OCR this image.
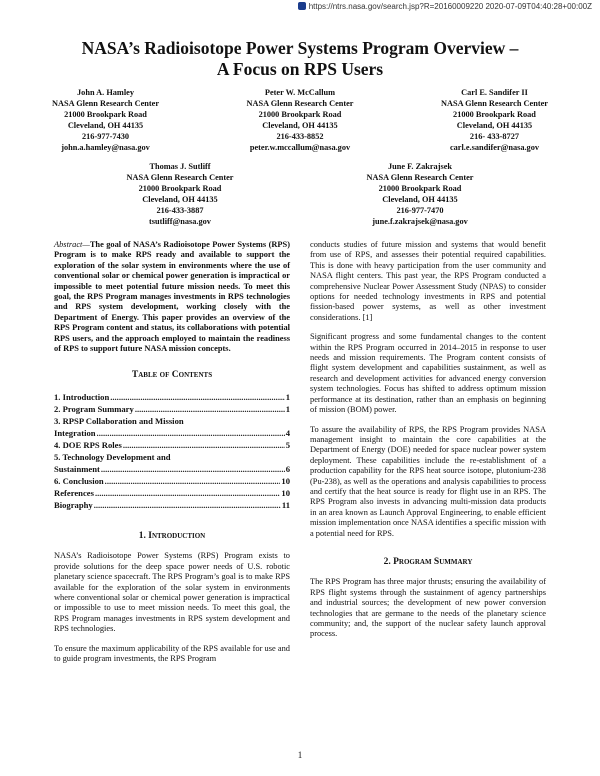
https://ntrs.nasa.gov/search.jsp?R=20160009220 2020-07-09T04:40:28+00:00Z
NASA’s Radioisotope Power Systems Program Overview –
A Focus on RPS Users
John A. Hamley
NASA Glenn Research Center
21000 Brookpark Road
Cleveland, OH 44135
216-977-7430
john.a.hamley@nasa.gov
Peter W. McCallum
NASA Glenn Research Center
21000 Brookpark Road
Cleveland, OH 44135
216-433-8852
peter.w.mccallum@nasa.gov
Carl E. Sandifer II
NASA Glenn Research Center
21000 Brookpark Road
Cleveland, OH 44135
216- 433-8727
carl.e.sandifer@nasa.gov
Thomas J. Sutliff
NASA Glenn Research Center
21000 Brookpark Road
Cleveland, OH 44135
216-433-3887
tsutliff@nasa.gov
June F. Zakrajsek
NASA Glenn Research Center
21000 Brookpark Road
Cleveland, OH 44135
216-977-7470
june.f.zakrajsek@nasa.gov

Abstract—The goal of NASA’s Radioisotope Power Systems (RPS) Program is to make RPS ready and available to support the exploration of the solar system in environments where the use of conventional solar or chemical power generation is impractical or impossible to meet potential future mission needs. To meet this goal, the RPS Program manages investments in RPS technologies and RPS system development, working closely with the Department of Energy. This paper provides an overview of the RPS Program content and status, its collaborations with potential RPS users, and the approach employed to maintain the readiness of RPS to support future NASA mission concepts.

Table of Contents
1. Introduction .....	1
2. Program Summary .....	1
3. RPSP Collaboration and Mission
Integration .....	4
4. DOE RPS Roles .....	5
5. Technology Development and
Sustainment .....	6
6. Conclusion .....	10
References .....	10
Biography .....	11
1. Introduction

NASA’s Radioisotope Power Systems (RPS) Program exists to provide solutions for the deep space power needs of U.S. robotic planetary science spacecraft. The RPS Program’s goal is to make RPS available for the exploration of the solar system in environments where conventional solar or chemical power generation is impractical or impossible to use to meet mission needs. To meet this goal, the RPS Program manages investments in RPS system development and RPS technologies.

To ensure the maximum applicability of the RPS available for use and to guide program investments, the RPS Program

conducts studies of future mission and systems that would benefit from use of RPS, and assesses their potential required capabilities. This is done with heavy participation from the user community and NASA flight centers. This past year, the RPS Program conducted a comprehensive Nuclear Power Assessment Study (NPAS) to consider options for needed technology investments in RPS and potential fission-based power systems, as well as other investment considerations. [1]

Significant progress and some fundamental changes to the content within the RPS Program occurred in 2014–2015 in response to user needs and mission requirements. The Program content consists of flight system development and capabilities sustainment, as well as research and development activities for advanced energy conversion system technologies. Focus has shifted to address optimum mission performance at its destination, rather than an emphasis on beginning of mission (BOM) power.

To assure the availability of RPS, the RPS Program provides NASA management insight to maintain the core capabilities at the Department of Energy (DOE) needed for space nuclear power system deployment. These capabilities include the re-establishment of a production capability for the RPS heat source isotope, plutonium-238 (Pu-238), as well as the operations and analysis capabilities to process and certify that the heat source is ready for flight use in an RPS. The RPS Program also invests in advancing multi-mission data products in an area known as Launch Approval Engineering, to enable efficient mission implementation once NASA identifies a specific mission with a potential need for RPS.

2. Program Summary

The RPS Program has three major thrusts; ensuring the availability of RPS flight systems through the sustainment of agency partnerships and industrial sources; the development of new power conversion technologies that are germane to the needs of the planetary science community; and, the support of the nuclear safety launch approval process.

1
